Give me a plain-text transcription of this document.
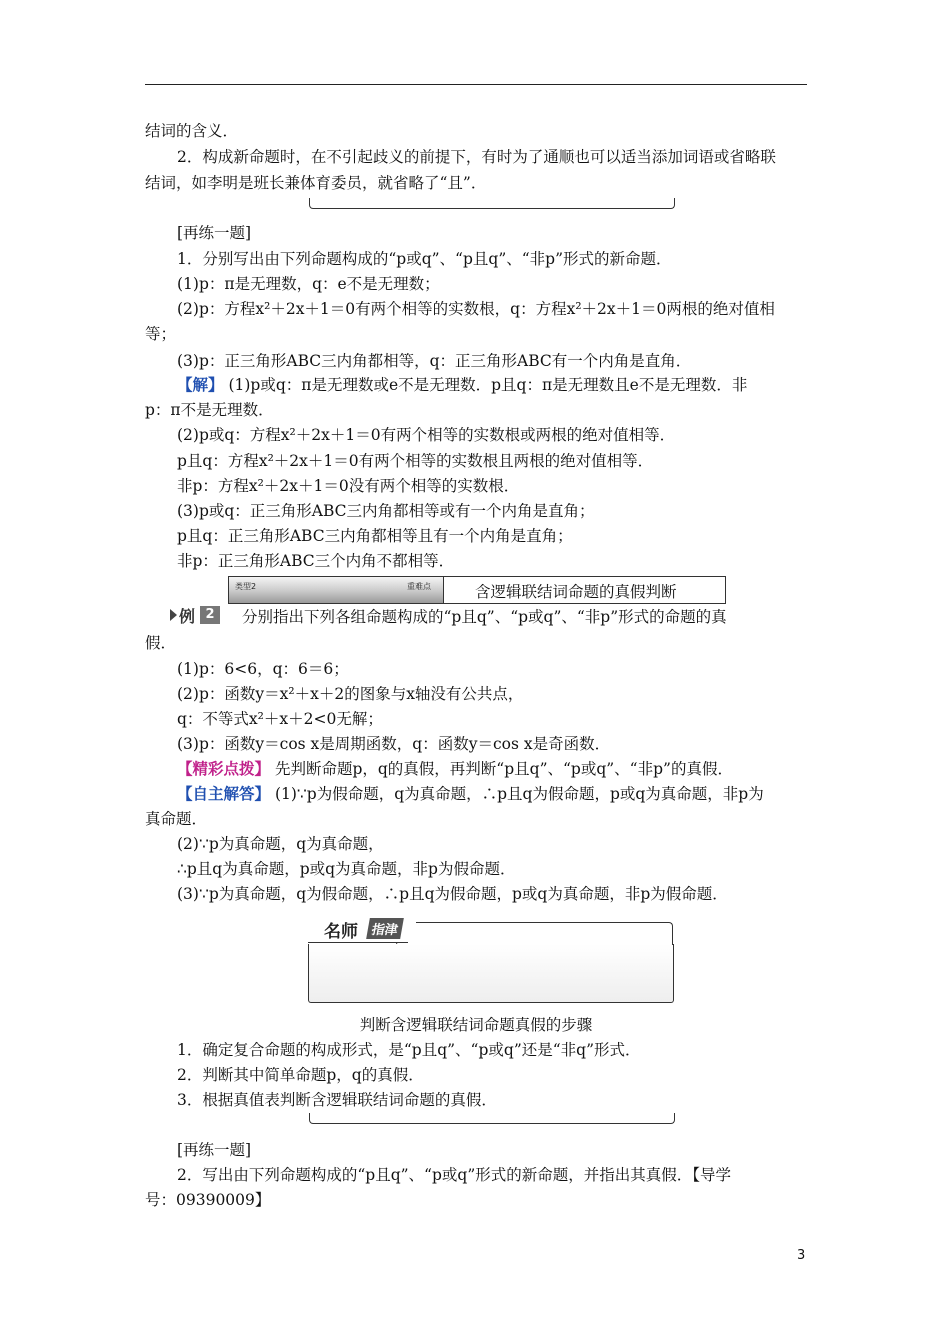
结词的含义．
2．构成新命题时，在不引起歧义的前提下，有时为了通顺也可以适当添加词语或省略联
结词，如李明是班长兼体育委员，就省略了“且”．
[再练一题]
1．分别写出由下列命题构成的“p或q”、“p且q”、“非p”形式的新命题．
(1)p：π是无理数，q：e不是无理数；
(2)p：方程x²＋2x＋1＝0有两个相等的实数根，q：方程x²＋2x＋1＝0两根的绝对值相
等；
(3)p：正三角形ABC三内角都相等，q：正三角形ABC有一个内角是直角．
【解】 (1)p或q：π是无理数或e不是无理数．p且q：π是无理数且e不是无理数．非
p：π不是无理数．
(2)p或q：方程x²＋2x＋1＝0有两个相等的实数根或两根的绝对值相等．
p且q：方程x²＋2x＋1＝0有两个相等的实数根且两根的绝对值相等．
非p：方程x²＋2x＋1＝0没有两个相等的实数根．
(3)p或q：正三角形ABC三内角都相等或有一个内角是直角；
p且q：正三角形ABC三内角都相等且有一个内角是直角；
非p：正三角形ABC三个内角不都相等．
类型2	重难点	含逻辑联结词命题的真假判断
例 2	分别指出下列各组命题构成的“p且q”、“p或q”、“非p”形式的命题的真
假．
(1)p：6<6，q：6＝6；
(2)p：函数y＝x²＋x＋2的图象与x轴没有公共点，
q：不等式x²＋x＋2<0无解；
(3)p：函数y＝cos x是周期函数，q：函数y＝cos x是奇函数．
【精彩点拨】 先判断命题p，q的真假，再判断“p且q”、“p或q”、“非p”的真假．
【自主解答】 (1)∵p为假命题，q为真命题，∴p且q为假命题，p或q为真命题，非p为
真命题．
(2)∵p为真命题，q为真命题，
∴p且q为真命题，p或q为真命题，非p为假命题．
(3)∵p为真命题，q为假命题，∴p且q为假命题，p或q为真命题，非p为假命题．
名师 指津
判断含逻辑联结词命题真假的步骤
1．确定复合命题的构成形式，是“p且q”、“p或q”还是“非q”形式．
2．判断其中简单命题p，q的真假．
3．根据真值表判断含逻辑联结词命题的真假．
[再练一题]
2．写出由下列命题构成的“p且q”、“p或q”形式的新命题，并指出其真假．【导学
号：09390009】
3
